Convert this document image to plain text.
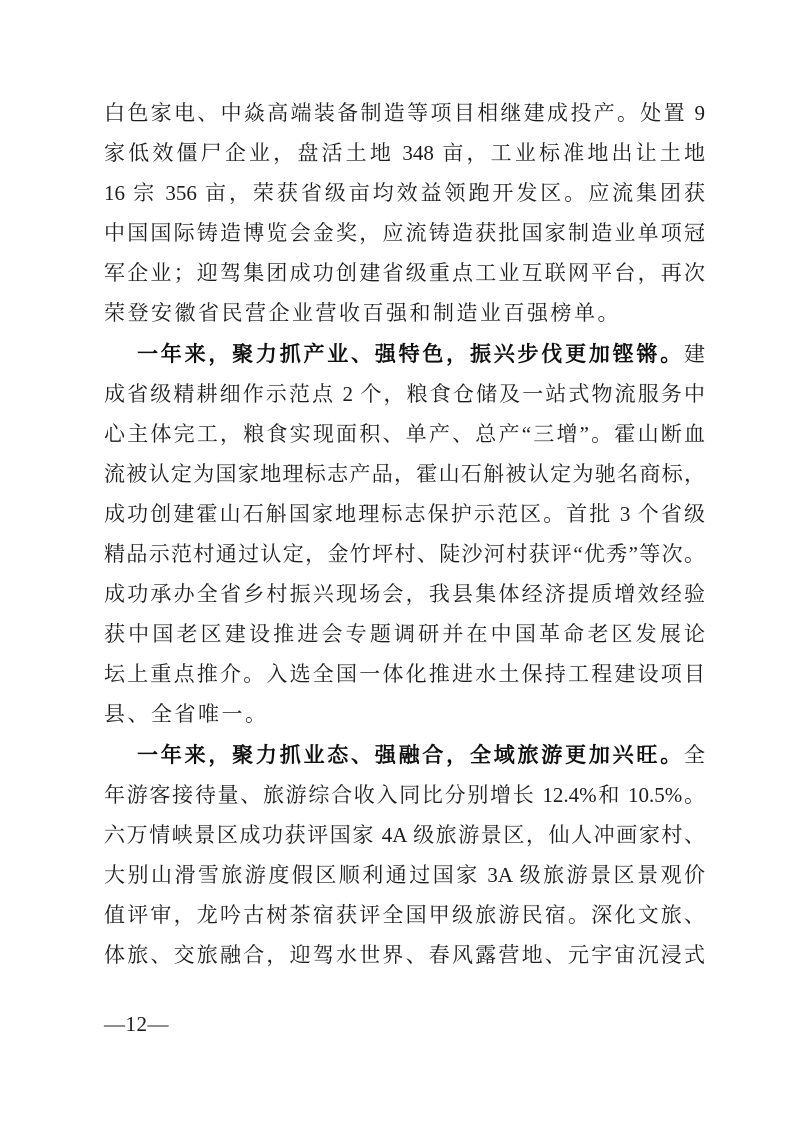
白色家电、中焱高端装备制造等项目相继建成投产。处置 9
家低效僵尸企业，盘活土地 348 亩，工业标准地出让土地
16 宗 356 亩，荣获省级亩均效益领跑开发区。应流集团获
中国国际铸造博览会金奖，应流铸造获批国家制造业单项冠
军企业；迎驾集团成功创建省级重点工业互联网平台，再次
荣登安徽省民营企业营收百强和制造业百强榜单。
一年来，聚力抓产业、强特色，振兴步伐更加铿锵。建
成省级精耕细作示范点 2 个，粮食仓储及一站式物流服务中
心主体完工，粮食实现面积、单产、总产“三增”。霍山断血
流被认定为国家地理标志产品，霍山石斛被认定为驰名商标，
成功创建霍山石斛国家地理标志保护示范区。首批 3 个省级
精品示范村通过认定，金竹坪村、陡沙河村获评“优秀”等次。
成功承办全省乡村振兴现场会，我县集体经济提质增效经验
获中国老区建设推进会专题调研并在中国革命老区发展论
坛上重点推介。入选全国一体化推进水土保持工程建设项目
县、全省唯一。
一年来，聚力抓业态、强融合，全域旅游更加兴旺。全
年游客接待量、旅游综合收入同比分别增长 12.4%和 10.5%。
六万情峡景区成功获评国家 4A 级旅游景区，仙人冲画家村、
大别山滑雪旅游度假区顺利通过国家 3A 级旅游景区景观价
值评审，龙吟古树茶宿获评全国甲级旅游民宿。深化文旅、
体旅、交旅融合，迎驾水世界、春风露营地、元宇宙沉浸式
—12—
